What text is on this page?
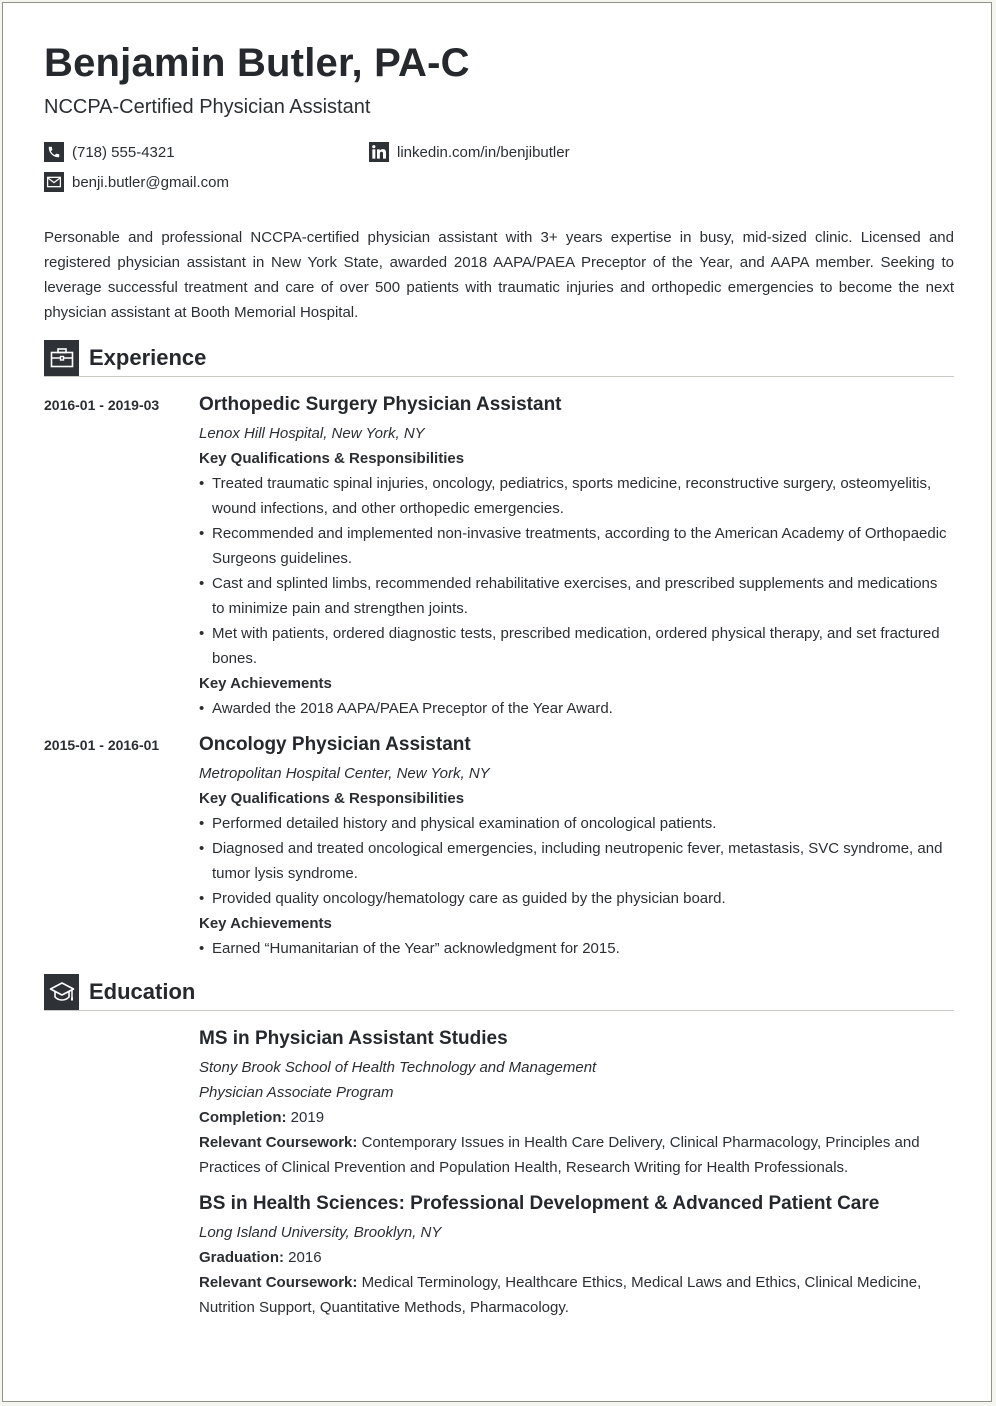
Benjamin Butler, PA-C
NCCPA-Certified Physician Assistant
(718) 555-4321	linkedin.com/in/benjibutler
benji.butler@gmail.com
Personable and professional NCCPA-certified physician assistant with 3+ years expertise in busy, mid-sized clinic. Licensed and registered physician assistant in New York State, awarded 2018 AAPA/PAEA Preceptor of the Year, and AAPA member. Seeking to leverage successful treatment and care of over 500 patients with traumatic injuries and orthopedic emergencies to become the next physician assistant at Booth Memorial Hospital.
Experience
2016-01 - 2019-03 Orthopedic Surgery Physician Assistant
Lenox Hill Hospital, New York, NY
Key Qualifications & Responsibilities
• Treated traumatic spinal injuries, oncology, pediatrics, sports medicine, reconstructive surgery, osteomyelitis, wound infections, and other orthopedic emergencies.
• Recommended and implemented non-invasive treatments, according to the American Academy of Orthopaedic Surgeons guidelines.
• Cast and splinted limbs, recommended rehabilitative exercises, and prescribed supplements and medications to minimize pain and strengthen joints.
• Met with patients, ordered diagnostic tests, prescribed medication, ordered physical therapy, and set fractured bones.
Key Achievements
• Awarded the 2018 AAPA/PAEA Preceptor of the Year Award.
2015-01 - 2016-01 Oncology Physician Assistant
Metropolitan Hospital Center, New York, NY
Key Qualifications & Responsibilities
• Performed detailed history and physical examination of oncological patients.
• Diagnosed and treated oncological emergencies, including neutropenic fever, metastasis, SVC syndrome, and tumor lysis syndrome.
• Provided quality oncology/hematology care as guided by the physician board.
Key Achievements
• Earned “Humanitarian of the Year” acknowledgment for 2015.
Education
MS in Physician Assistant Studies
Stony Brook School of Health Technology and Management
Physician Associate Program
Completion: 2019
Relevant Coursework: Contemporary Issues in Health Care Delivery, Clinical Pharmacology, Principles and Practices of Clinical Prevention and Population Health, Research Writing for Health Professionals.
BS in Health Sciences: Professional Development & Advanced Patient Care
Long Island University, Brooklyn, NY
Graduation: 2016
Relevant Coursework: Medical Terminology, Healthcare Ethics, Medical Laws and Ethics, Clinical Medicine, Nutrition Support, Quantitative Methods, Pharmacology.
